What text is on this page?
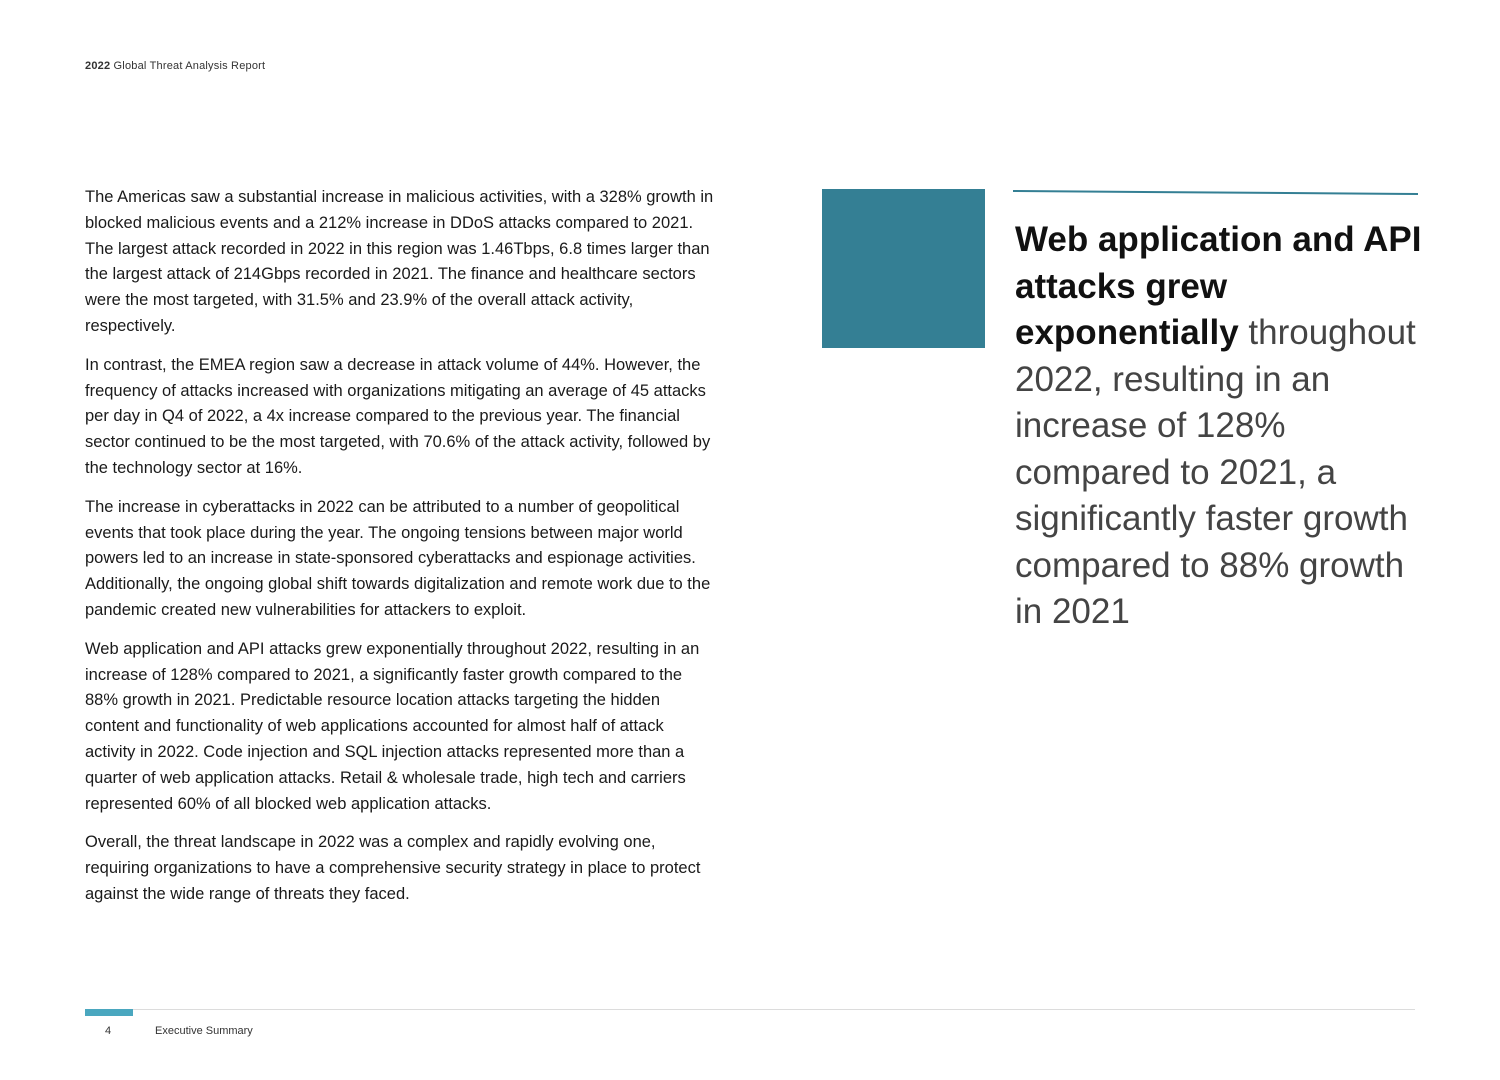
2022 Global Threat Analysis Report

The Americas saw a substantial increase in malicious activities, with a 328% growth in blocked malicious events and a 212% increase in DDoS attacks compared to 2021. The largest attack recorded in 2022 in this region was 1.46Tbps, 6.8 times larger than the largest attack of 214Gbps recorded in 2021. The finance and healthcare sectors were the most targeted, with 31.5% and 23.9% of the overall attack activity, respectively.

In contrast, the EMEA region saw a decrease in attack volume of 44%. However, the frequency of attacks increased with organizations mitigating an average of 45 attacks per day in Q4 of 2022, a 4x increase compared to the previous year. The financial sector continued to be the most targeted, with 70.6% of the attack activity, followed by the technology sector at 16%.

The increase in cyberattacks in 2022 can be attributed to a number of geopolitical events that took place during the year. The ongoing tensions between major world powers led to an increase in state-sponsored cyberattacks and espionage activities. Additionally, the ongoing global shift towards digitalization and remote work due to the pandemic created new vulnerabilities for attackers to exploit.

Web application and API attacks grew exponentially throughout 2022, resulting in an increase of 128% compared to 2021, a significantly faster growth compared to the 88% growth in 2021. Predictable resource location attacks targeting the hidden content and functionality of web applications accounted for almost half of attack activity in 2022. Code injection and SQL injection attacks represented more than a quarter of web application attacks. Retail & wholesale trade, high tech and carriers represented 60% of all blocked web application attacks.

Overall, the threat landscape in 2022 was a complex and rapidly evolving one, requiring organizations to have a comprehensive security strategy in place to protect against the wide range of threats they faced.

Web application and API attacks grew exponentially throughout 2022, resulting in an increase of 128% compared to 2021, a significantly faster growth compared to 88% growth in 2021
4	Executive Summary
